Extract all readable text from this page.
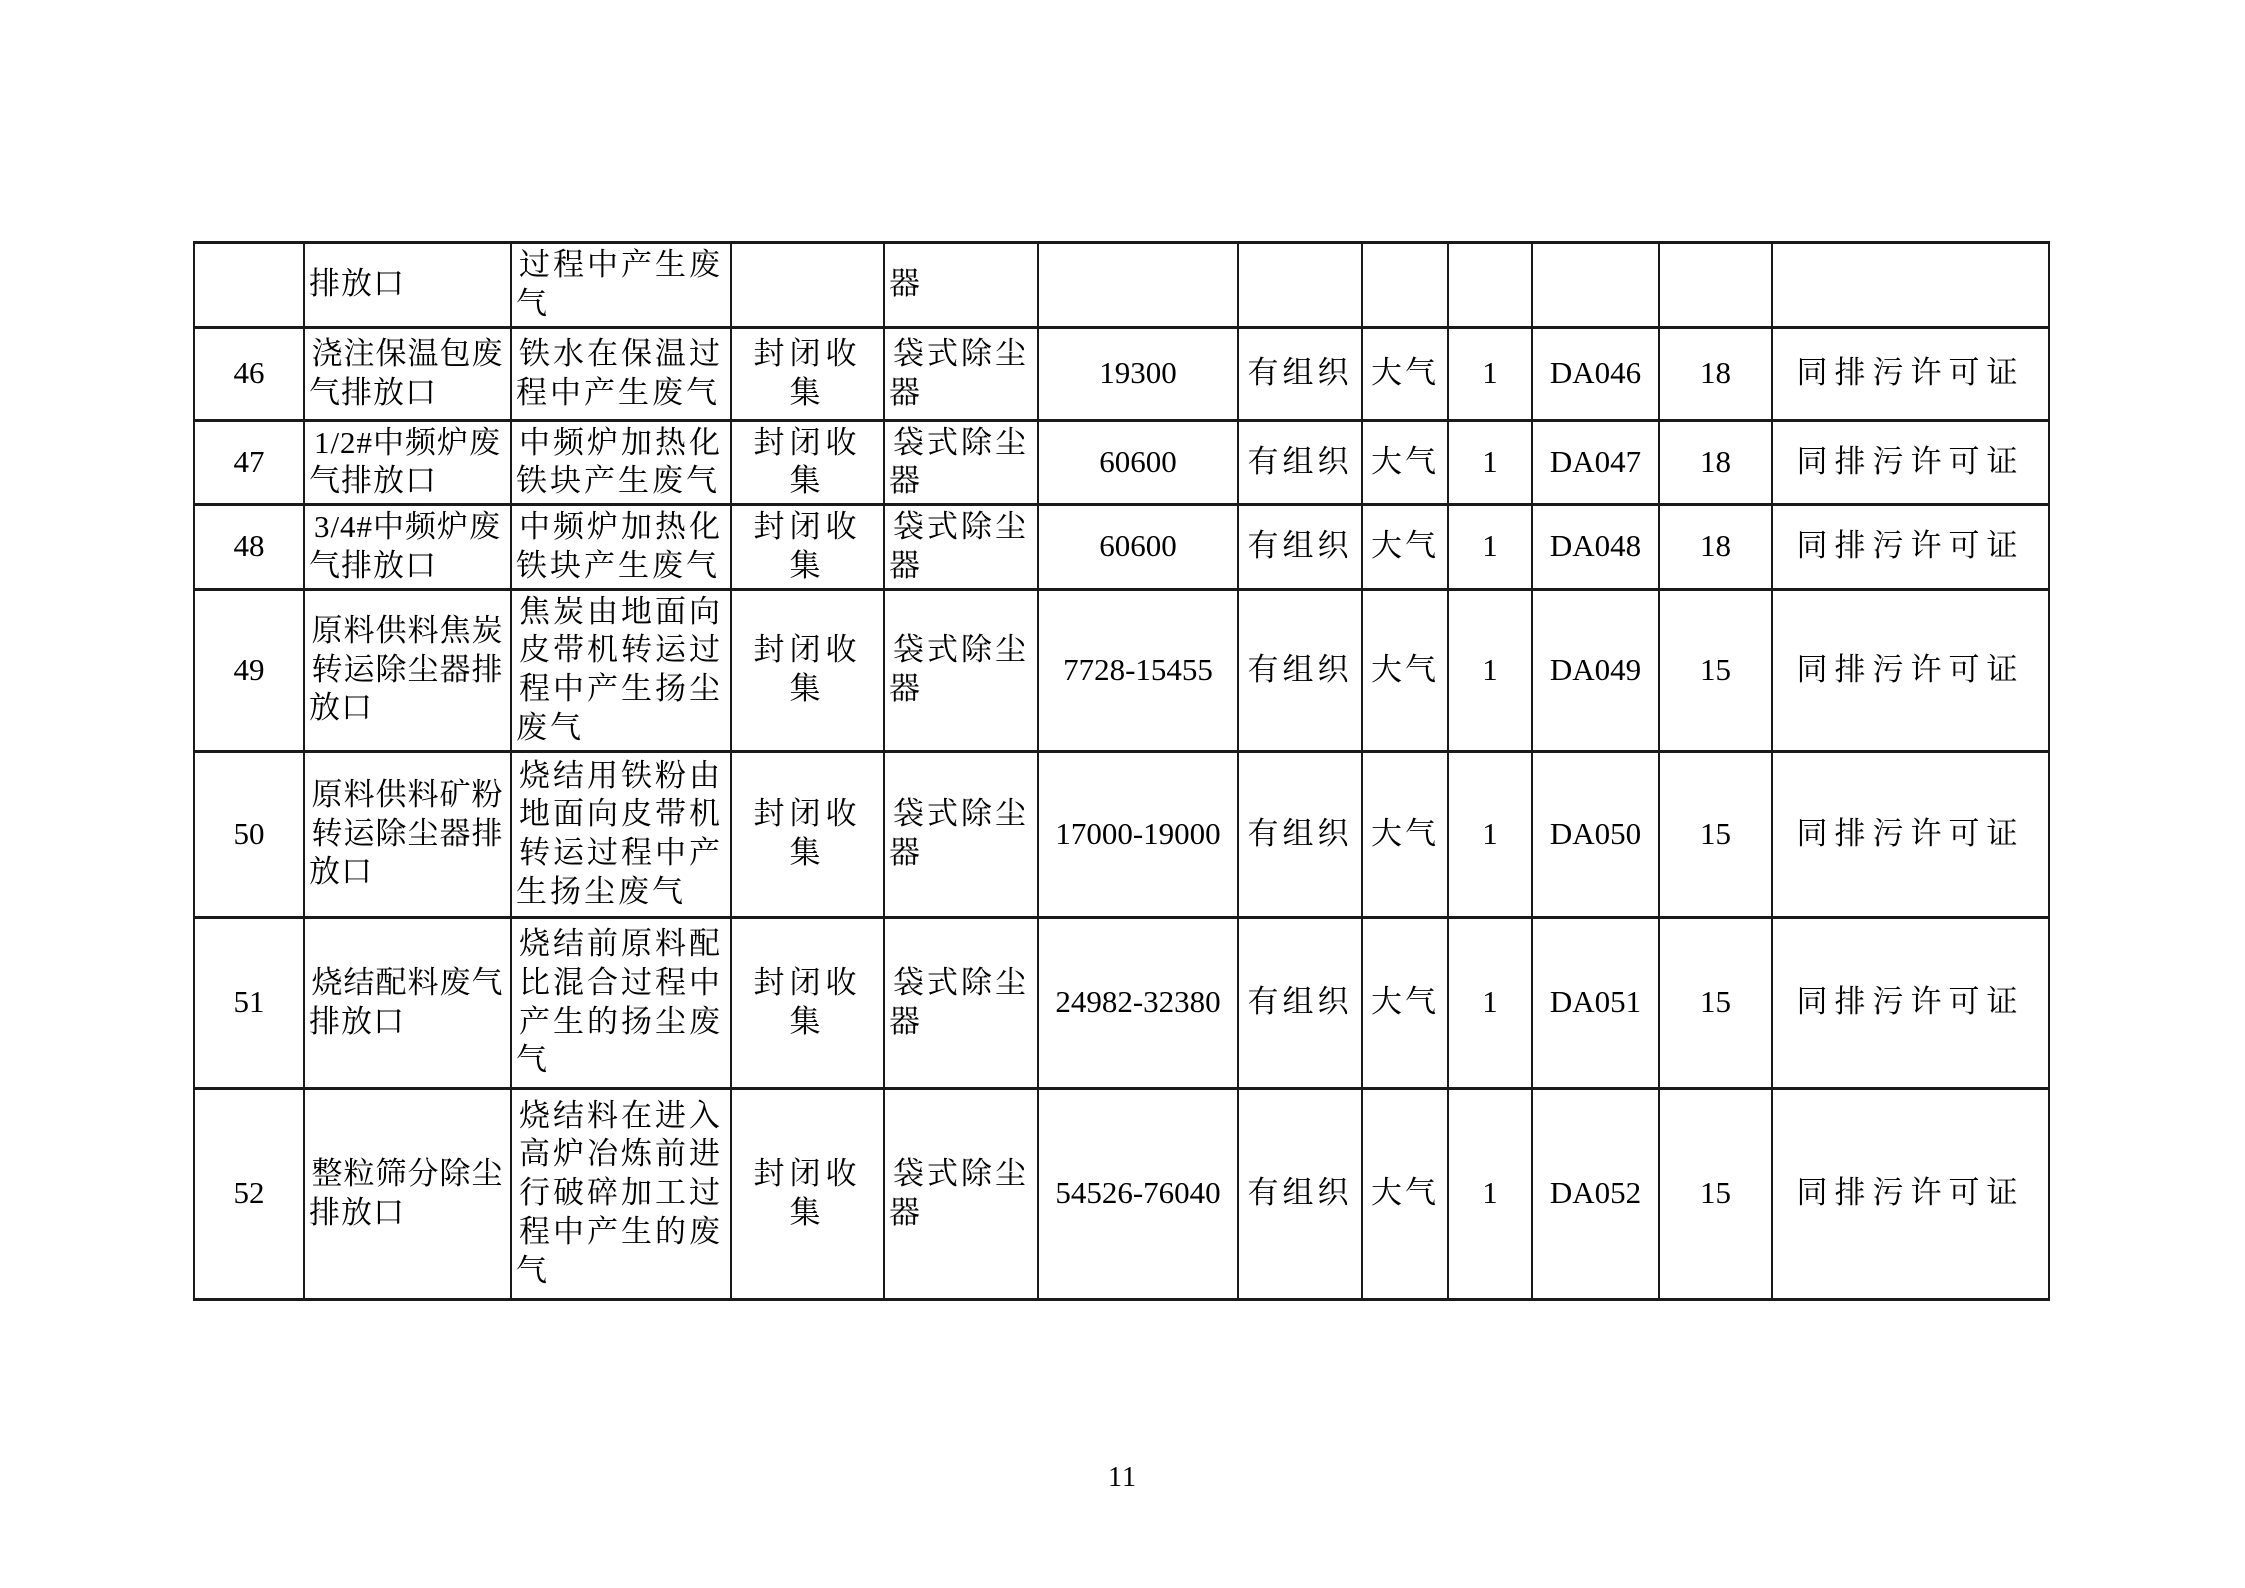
	排放口	过程中产生废气		器							
46	浇注保温包废气排放口	铁水在保温过程中产生废气	封闭收集	袋式除尘器	19300	有组织	大气	1	DA046	18	同排污许可证
47	1/2#中频炉废气排放口	中频炉加热化铁块产生废气	封闭收集	袋式除尘器	60600	有组织	大气	1	DA047	18	同排污许可证
48	3/4#中频炉废气排放口	中频炉加热化铁块产生废气	封闭收集	袋式除尘器	60600	有组织	大气	1	DA048	18	同排污许可证
49	原料供料焦炭转运除尘器排放口	焦炭由地面向皮带机转运过程中产生扬尘废气	封闭收集	袋式除尘器	7728-15455	有组织	大气	1	DA049	15	同排污许可证
50	原料供料矿粉转运除尘器排放口	烧结用铁粉由地面向皮带机转运过程中产生扬尘废气	封闭收集	袋式除尘器	17000-19000	有组织	大气	1	DA050	15	同排污许可证
51	烧结配料废气排放口	烧结前原料配比混合过程中产生的扬尘废气	封闭收集	袋式除尘器	24982-32380	有组织	大气	1	DA051	15	同排污许可证
52	整粒筛分除尘排放口	烧结料在进入高炉冶炼前进行破碎加工过程中产生的废气	封闭收集	袋式除尘器	54526-76040	有组织	大气	1	DA052	15	同排污许可证
11
